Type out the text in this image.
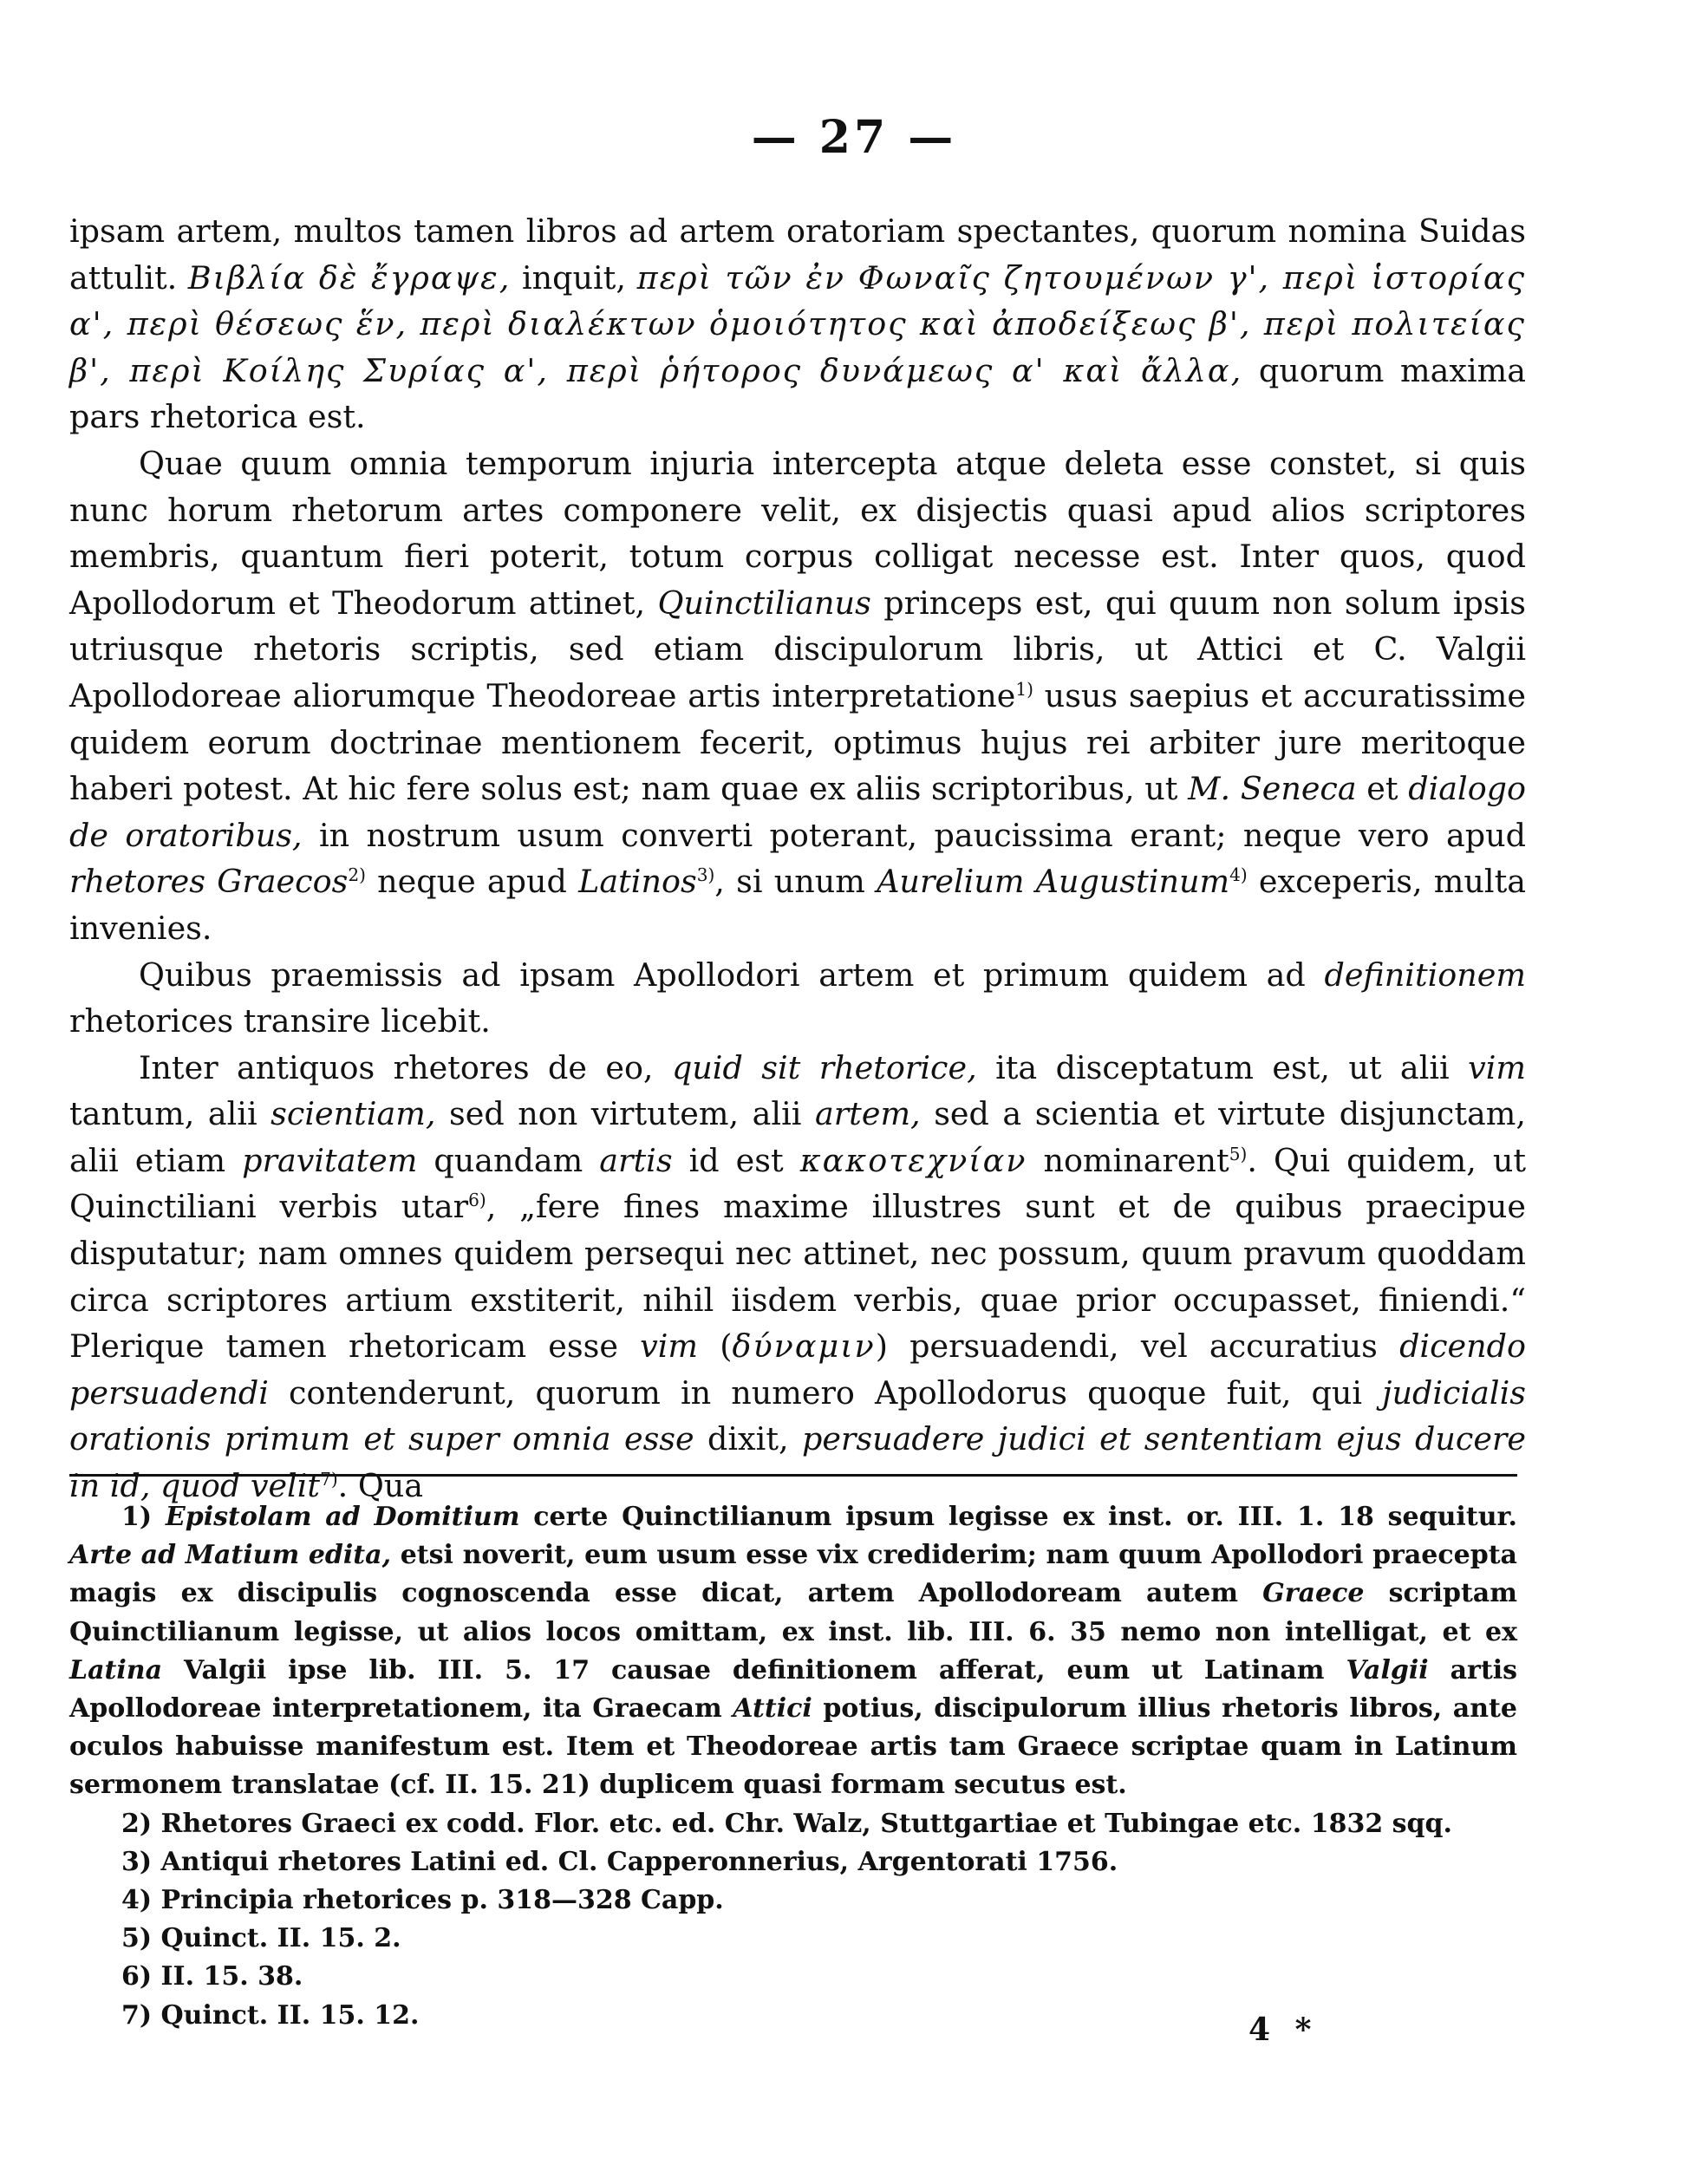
— 27 —

ipsam artem, multos tamen libros ad artem oratoriam spectantes, quorum nomina Suidas attulit. Βιβλία δὲ ἔγραψε, inquit, περὶ τῶν ἐν Φωναῖς ζητουμένων γ', περὶ ἱστορίας α', περὶ θέσεως ἕν, περὶ διαλέκτων ὁμοιότητος καὶ ἀποδείξεως β', περὶ πολιτείας β', περὶ Κοίλης Συρίας α', περὶ ῥήτορος δυνάμεως α' καὶ ἄλλα, quorum maxima pars rhetorica est.

Quae quum omnia temporum injuria intercepta atque deleta esse constet, si quis nunc horum rhetorum artes componere velit, ex disjectis quasi apud alios scriptores membris, quantum fieri poterit, totum corpus colligat necesse est. Inter quos, quod Apollodorum et Theodorum attinet, Quinctilianus princeps est, qui quum non solum ipsis utriusque rhetoris scriptis, sed etiam discipulorum libris, ut Attici et C. Valgii Apollodoreae aliorumque Theodoreae artis interpretatione$^{1)}$ usus saepius et accuratissime quidem eorum doctrinae mentionem fecerit, optimus hujus rei arbiter jure meritoque haberi potest. At hic fere solus est; nam quae ex aliis scriptoribus, ut M. Seneca et dialogo de oratoribus, in nostrum usum converti poterant, paucissima erant; neque vero apud rhetores Graecos$^{2)}$ neque apud Latinos$^{3)}$, si unum Aurelium Augustinum$^{4)}$ exceperis, multa invenies.

Quibus praemissis ad ipsam Apollodori artem et primum quidem ad definitionem rhetorices transire licebit.

Inter antiquos rhetores de eo, quid sit rhetorice, ita disceptatum est, ut alii vim tantum, alii scientiam, sed non virtutem, alii artem, sed a scientia et virtute disjunctam, alii etiam pravitatem quandam artis id est κακοτεχνίαν nominarent$^{5)}$. Qui quidem, ut Quinctiliani verbis utar$^{6)}$, „fere fines maxime illustres sunt et de quibus praecipue disputatur; nam omnes quidem persequi nec attinet, nec possum, quum pravum quoddam circa scriptores artium exstiterit, nihil iisdem verbis, quae prior occupasset, finiendi.“ Plerique tamen rhetoricam esse vim (δύναμιν) persuadendi, vel accuratius dicendo persuadendi contenderunt, quorum in numero Apollodorus quoque fuit, qui judicialis orationis primum et super omnia esse dixit, persuadere judici et sententiam ejus ducere in id, quod velit$^{7)}$. Qua

1) Epistolam ad Domitium certe Quinctilianum ipsum legisse ex inst. or. III. 1. 18 sequitur. Arte ad Matium edita, etsi noverit, eum usum esse vix crediderim; nam quum Apollodori praecepta magis ex discipulis cognoscenda esse dicat, artem Apollodoream autem Graece scriptam Quinctilianum legisse, ut alios locos omittam, ex inst. lib. III. 6. 35 nemo non intelligat, et ex Latina Valgii ipse lib. III. 5. 17 causae definitionem afferat, eum ut Latinam Valgii artis Apollodoreae interpretationem, ita Graecam Attici potius, discipulorum illius rhetoris libros, ante oculos habuisse manifestum est. Item et Theodoreae artis tam Graece scriptae quam in Latinum sermonem translatae (cf. II. 15. 21) duplicem quasi formam secutus est.

2) Rhetores Graeci ex codd. Flor. etc. ed. Chr. Walz, Stuttgartiae et Tubingae etc. 1832 sqq.

3) Antiqui rhetores Latini ed. Cl. Capperonnerius, Argentorati 1756.

4) Principia rhetorices p. 318—328 Capp.

5) Quinct. II. 15. 2.

6) II. 15. 38.

7) Quinct. II. 15. 12.	4 *
